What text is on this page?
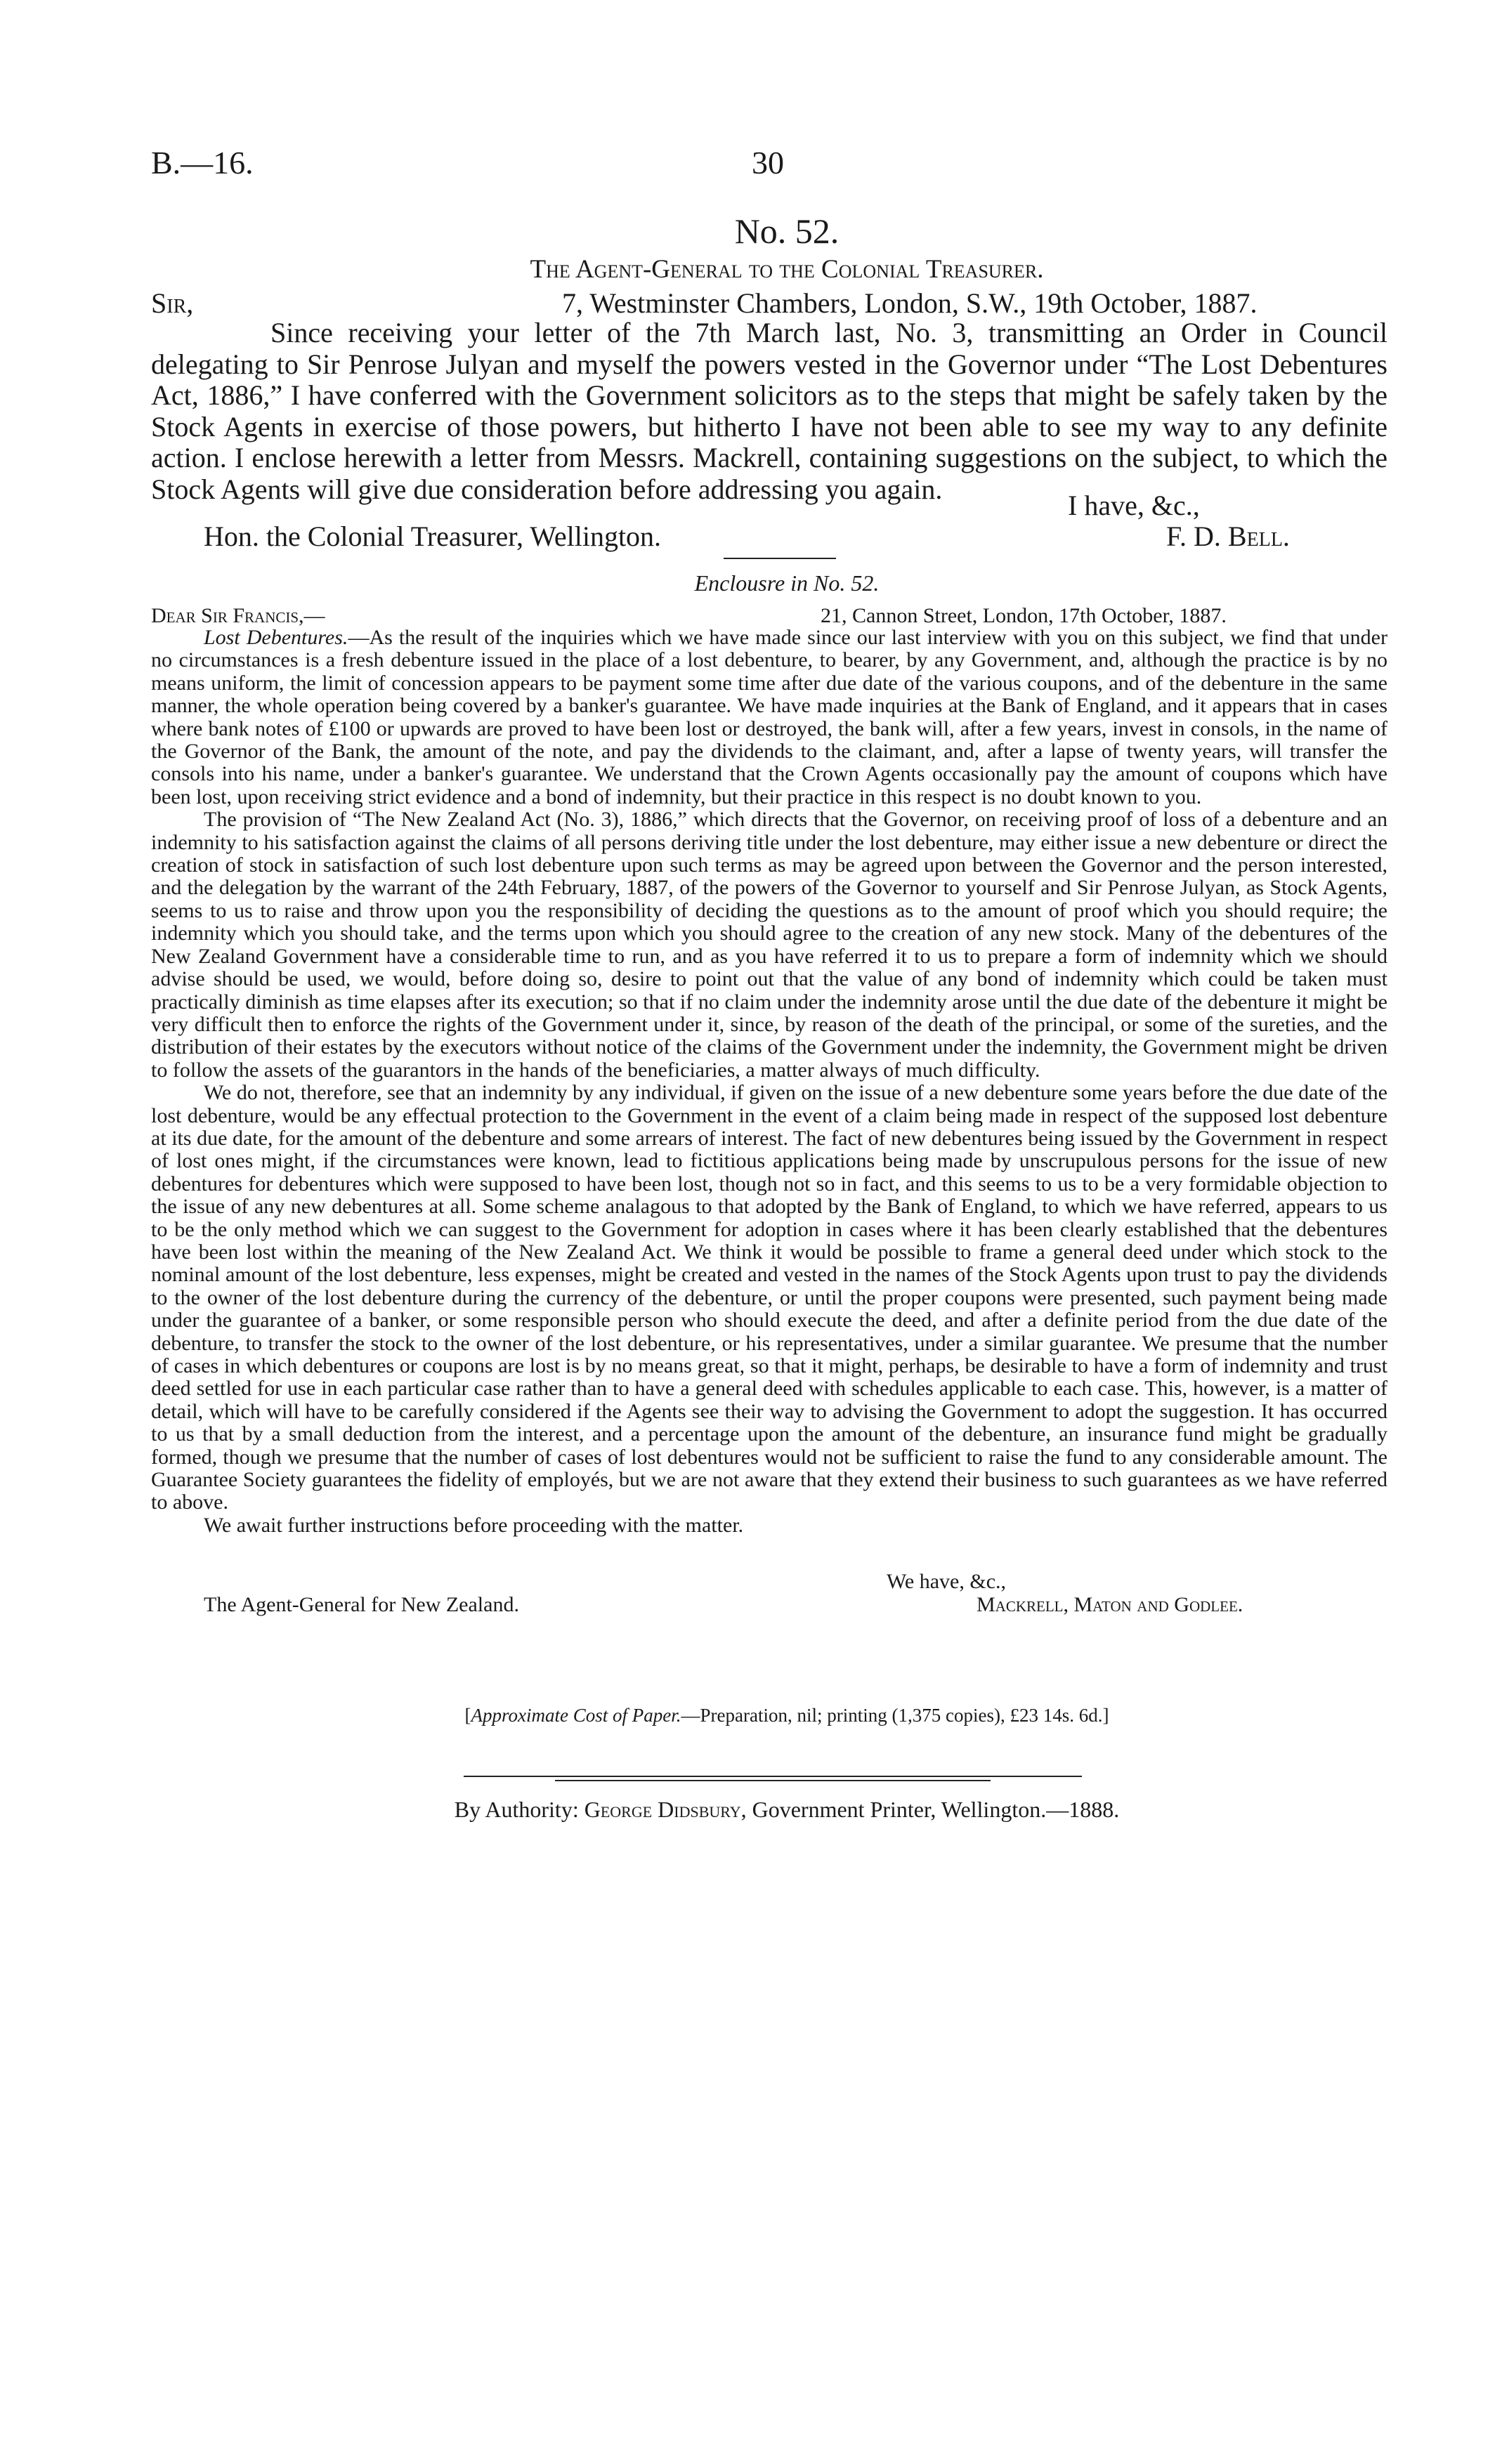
B.—16.	30
No. 52.
The Agent-General to the Colonial Treasurer.
Sir,	7, Westminster Chambers, London, S.W., 19th October, 1887.

Since receiving your letter of the 7th March last, No. 3, transmitting an Order in Council delegating to Sir Penrose Julyan and myself the powers vested in the Governor under “The Lost Debentures Act, 1886,” I have conferred with the Government solicitors as to the steps that might be safely taken by the Stock Agents in exercise of those powers, but hitherto I have not been able to see my way to any definite action. I enclose herewith a letter from Messrs. Mackrell, containing suggestions on the subject, to which the Stock Agents will give due consideration before addressing you again.

I have, &c.,
Hon. the Colonial Treasurer, Wellington.	F. D. Bell.
Enclousre in No. 52.
Dear Sir Francis,—	21, Cannon Street, London, 17th October, 1887.

Lost Debentures.—As the result of the inquiries which we have made since our last interview with you on this subject, we find that under no circumstances is a fresh debenture issued in the place of a lost debenture, to bearer, by any Government, and, although the practice is by no means uniform, the limit of concession appears to be payment some time after due date of the various coupons, and of the debenture in the same manner, the whole operation being covered by a banker's guarantee. We have made inquiries at the Bank of England, and it appears that in cases where bank notes of £100 or upwards are proved to have been lost or destroyed, the bank will, after a few years, invest in consols, in the name of the Governor of the Bank, the amount of the note, and pay the dividends to the claimant, and, after a lapse of twenty years, will transfer the consols into his name, under a banker's guarantee. We understand that the Crown Agents occasionally pay the amount of coupons which have been lost, upon receiving strict evidence and a bond of indemnity, but their practice in this respect is no doubt known to you.

The provision of “The New Zealand Act (No. 3), 1886,” which directs that the Governor, on receiving proof of loss of a debenture and an indemnity to his satisfaction against the claims of all persons deriving title under the lost debenture, may either issue a new debenture or direct the creation of stock in satisfaction of such lost debenture upon such terms as may be agreed upon between the Governor and the person interested, and the delegation by the warrant of the 24th February, 1887, of the powers of the Governor to yourself and Sir Penrose Julyan, as Stock Agents, seems to us to raise and throw upon you the responsibility of deciding the questions as to the amount of proof which you should require; the indemnity which you should take, and the terms upon which you should agree to the creation of any new stock. Many of the debentures of the New Zealand Government have a considerable time to run, and as you have referred it to us to prepare a form of indemnity which we should advise should be used, we would, before doing so, desire to point out that the value of any bond of indemnity which could be taken must practically diminish as time elapses after its execution; so that if no claim under the indemnity arose until the due date of the debenture it might be very difficult then to enforce the rights of the Government under it, since, by reason of the death of the principal, or some of the sureties, and the distribution of their estates by the executors without notice of the claims of the Government under the indemnity, the Government might be driven to follow the assets of the guarantors in the hands of the beneficiaries, a matter always of much difficulty.

We do not, therefore, see that an indemnity by any individual, if given on the issue of a new debenture some years before the due date of the lost debenture, would be any effectual protection to the Government in the event of a claim being made in respect of the supposed lost debenture at its due date, for the amount of the debenture and some arrears of interest. The fact of new debentures being issued by the Government in respect of lost ones might, if the circumstances were known, lead to fictitious applications being made by unscrupulous persons for the issue of new debentures for debentures which were supposed to have been lost, though not so in fact, and this seems to us to be a very formidable objection to the issue of any new debentures at all. Some scheme analagous to that adopted by the Bank of England, to which we have referred, appears to us to be the only method which we can suggest to the Government for adoption in cases where it has been clearly established that the debentures have been lost within the meaning of the New Zealand Act. We think it would be possible to frame a general deed under which stock to the nominal amount of the lost debenture, less expenses, might be created and vested in the names of the Stock Agents upon trust to pay the dividends to the owner of the lost debenture during the currency of the debenture, or until the proper coupons were presented, such payment being made under the guarantee of a banker, or some responsible person who should execute the deed, and after a definite period from the due date of the debenture, to transfer the stock to the owner of the lost debenture, or his representatives, under a similar guarantee. We presume that the number of cases in which debentures or coupons are lost is by no means great, so that it might, perhaps, be desirable to have a form of indemnity and trust deed settled for use in each particular case rather than to have a general deed with schedules applicable to each case. This, however, is a matter of detail, which will have to be carefully considered if the Agents see their way to advising the Government to adopt the suggestion. It has occurred to us that by a small deduction from the interest, and a percentage upon the amount of the debenture, an insurance fund might be gradually formed, though we presume that the number of cases of lost debentures would not be sufficient to raise the fund to any considerable amount. The Guarantee Society guarantees the fidelity of employés, but we are not aware that they extend their business to such guarantees as we have referred to above.

We await further instructions before proceeding with the matter.

We have, &c.,
The Agent-General for New Zealand.	Mackrell, Maton and Godlee.
[Approximate Cost of Paper.—Preparation, nil; printing (1,375 copies), £23 14s. 6d.]
By Authority: George Didsbury, Government Printer, Wellington.—1888.
